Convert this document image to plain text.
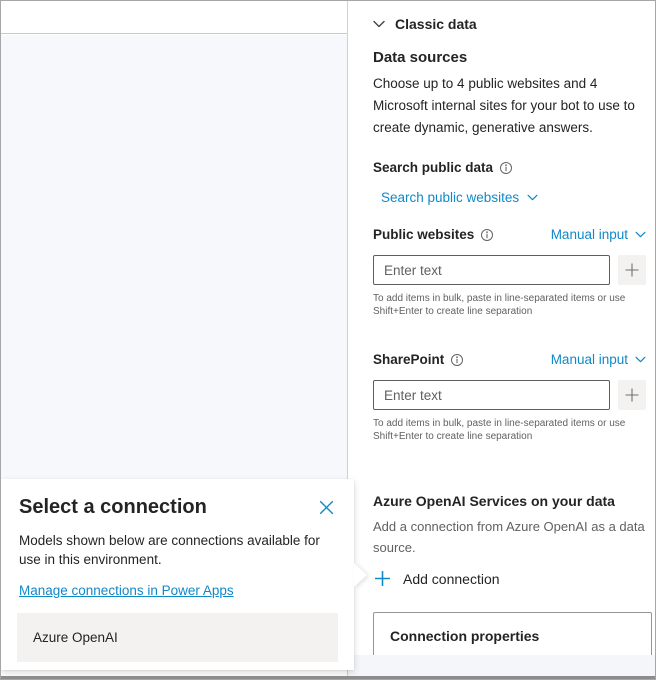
Classic data
Data sources

Choose up to 4 public websites and 4 Microsoft internal sites for your bot to use to create dynamic, generative answers.

Search public data
Search public websites
Public websites	Manual input
Enter text

To add items in bulk, paste in line-separated items or use Shift+Enter to create line separation

SharePoint	Manual input
Enter text

To add items in bulk, paste in line-separated items or use Shift+Enter to create line separation

Azure OpenAI Services on your data

Add a connection from Azure OpenAI as a data source.

Add connection
Connection properties
Select a connection

Models shown below are connections available for use in this environment.

Manage connections in Power Apps
Azure OpenAI
